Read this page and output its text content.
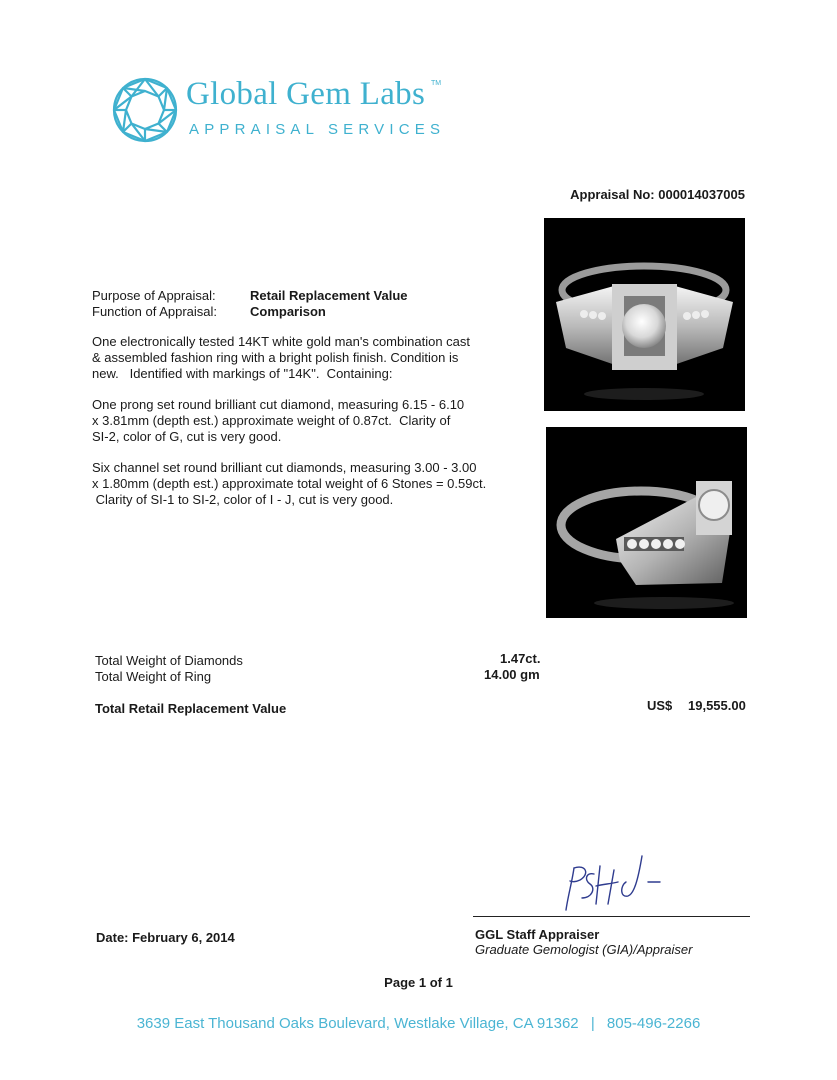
Global Gem Labs TM
APPRAISAL SERVICES
Appraisal No: 000014037005
Purpose of Appraisal:	Retail Replacement Value
Function of Appraisal:	Comparison
One electronically tested 14KT white gold man's combination cast
& assembled fashion ring with a bright polish finish. Condition is
new.   Identified with markings of "14K".  Containing:
One prong set round brilliant cut diamond, measuring 6.15 - 6.10
x 3.81mm (depth est.) approximate weight of 0.87ct.  Clarity of
SI-2, color of G, cut is very good.
Six channel set round brilliant cut diamonds, measuring 3.00 - 3.00
x 1.80mm (depth est.) approximate total weight of 6 Stones = 0.59ct.
Clarity of SI-1 to SI-2, color of I - J, cut is very good.
Total Weight of Diamonds	1.47ct.
Total Weight of Ring	14.00 gm
Total Retail Replacement Value	US$ 19,555.00
Date: February 6, 2014	GGL Staff Appraiser
Graduate Gemologist (GIA)/Appraiser
Page 1 of 1
3639 East Thousand Oaks Boulevard, Westlake Village, CA 91362 | 805-496-2266
